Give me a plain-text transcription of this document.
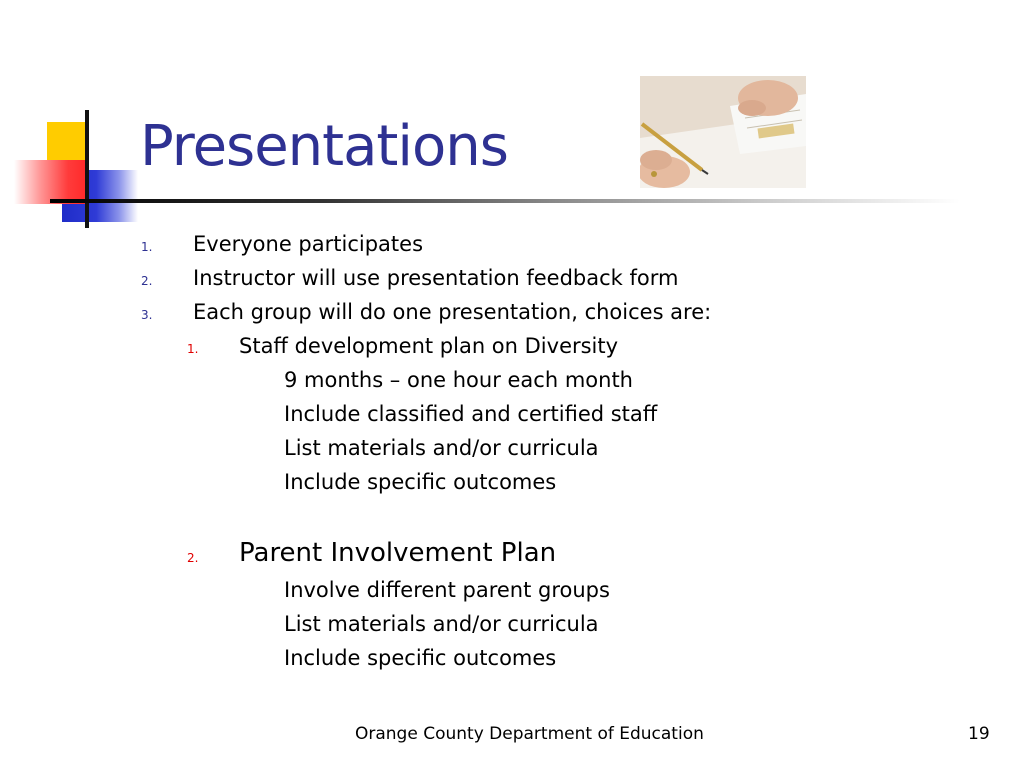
Presentations
1. Everyone participates
2. Instructor will use presentation feedback form
3. Each group will do one presentation, choices are:
1. Staff development plan on Diversity
9 months – one hour each month
Include classified and certified staff
List materials and/or curricula
Include specific outcomes
2. Parent Involvement Plan
Involve different parent groups
List materials and/or curricula
Include specific outcomes
Orange County Department of Education	19
